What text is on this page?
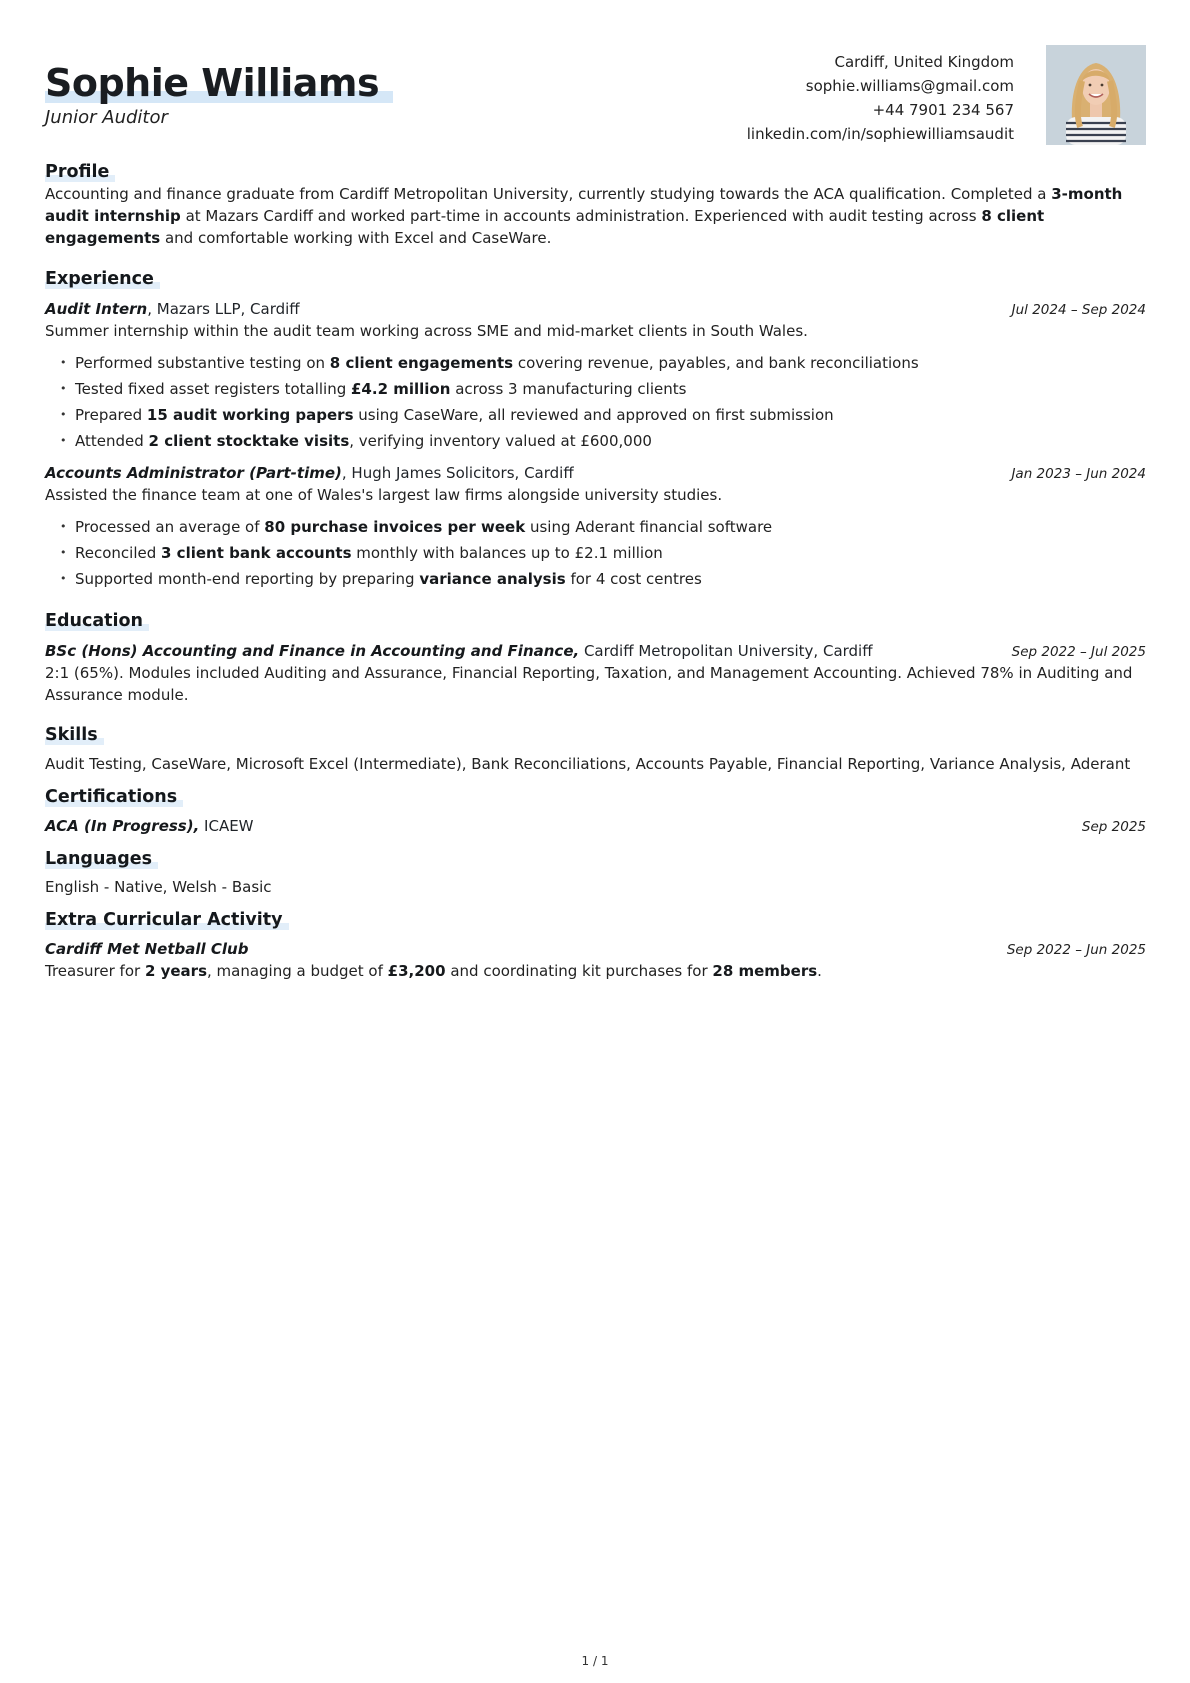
Sophie Williams
Junior Auditor
Cardiff, United Kingdom
sophie.williams@gmail.com
+44 7901 234 567
linkedin.com/in/sophiewilliamsaudit
Profile

Accounting and finance graduate from Cardiff Metropolitan University, currently studying towards the ACA qualification. Completed a 3-month audit internship at Mazars Cardiff and worked part-time in accounts administration. Experienced with audit testing across 8 client engagements and comfortable working with Excel and CaseWare.

Experience
Audit Intern, Mazars LLP, Cardiff	Jul 2024 – Sep 2024

Summer internship within the audit team working across SME and mid-market clients in South Wales.

• Performed substantive testing on 8 client engagements covering revenue, payables, and bank reconciliations
• Tested fixed asset registers totalling £4.2 million across 3 manufacturing clients
• Prepared 15 audit working papers using CaseWare, all reviewed and approved on first submission
• Attended 2 client stocktake visits, verifying inventory valued at £600,000
Accounts Administrator (Part-time), Hugh James Solicitors, Cardiff	Jan 2023 – Jun 2024

Assisted the finance team at one of Wales's largest law firms alongside university studies.

• Processed an average of 80 purchase invoices per week using Aderant financial software
• Reconciled 3 client bank accounts monthly with balances up to £2.1 million
• Supported month-end reporting by preparing variance analysis for 4 cost centres
Education
BSc (Hons) Accounting and Finance in Accounting and Finance, Cardiff Metropolitan University, Cardiff	Sep 2022 – Jul 2025

2:1 (65%). Modules included Auditing and Assurance, Financial Reporting, Taxation, and Management Accounting. Achieved 78% in Auditing and Assurance module.

Skills

Audit Testing, CaseWare, Microsoft Excel (Intermediate), Bank Reconciliations, Accounts Payable, Financial Reporting, Variance Analysis, Aderant

Certifications
ACA (In Progress), ICAEW	Sep 2025
Languages

English - Native, Welsh - Basic

Extra Curricular Activity
Cardiff Met Netball Club	Sep 2022 – Jun 2025

Treasurer for 2 years, managing a budget of £3,200 and coordinating kit purchases for 28 members.

1 / 1
